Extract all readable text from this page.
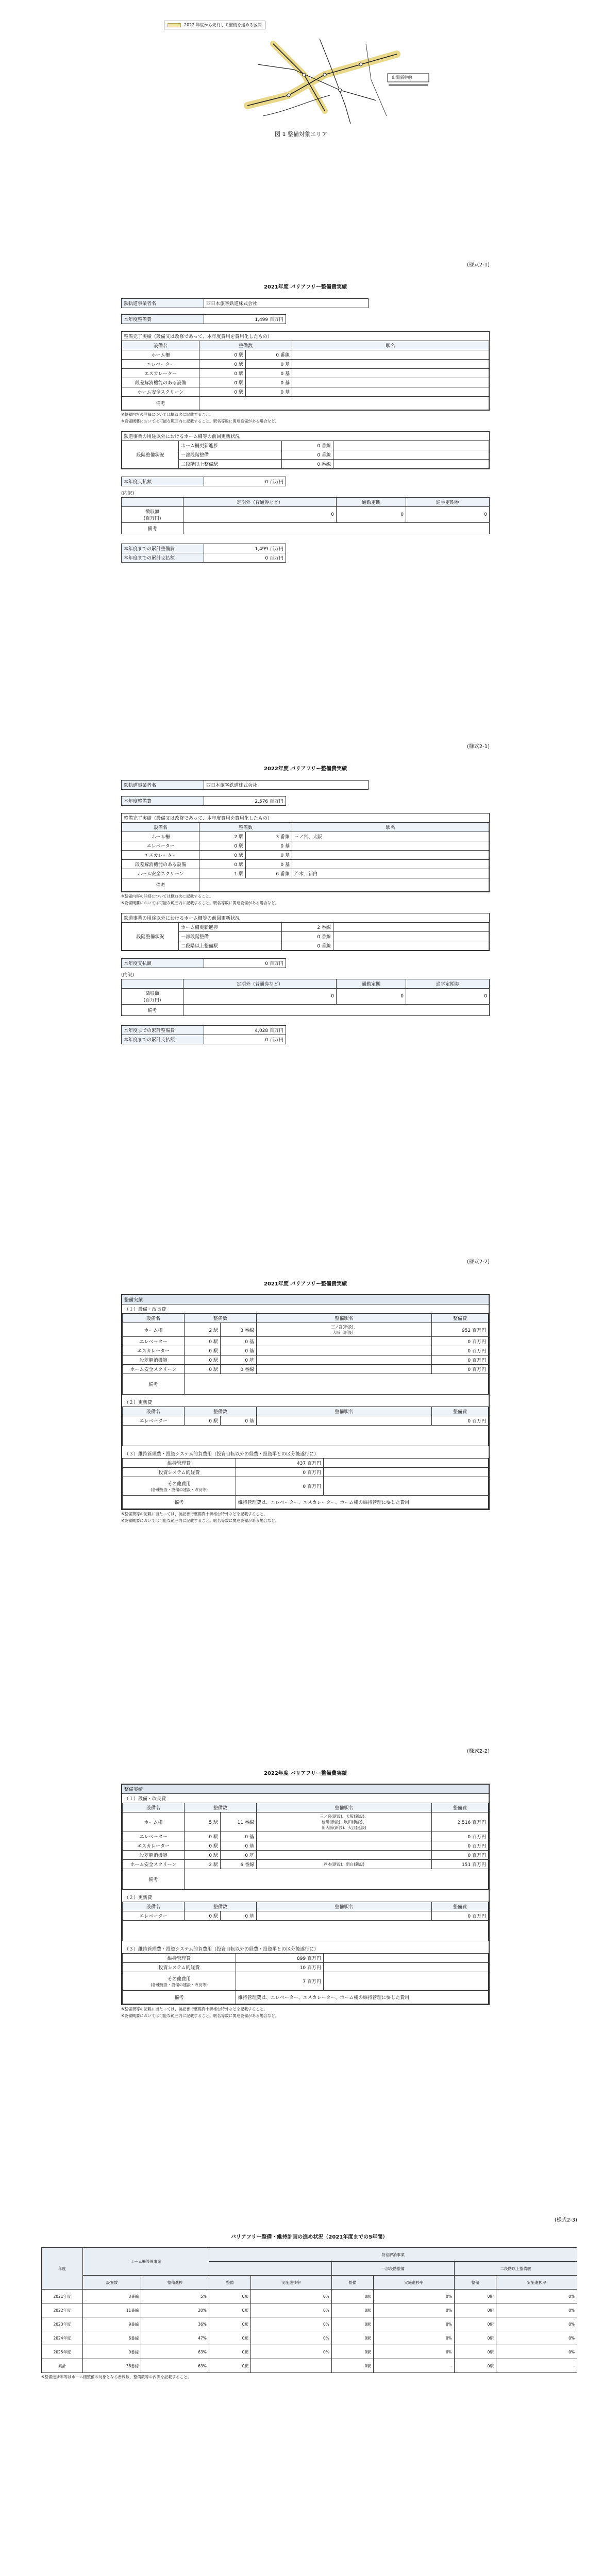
2022 年度から先行して整備を進める区間
山陽新幹線
図 1 整備対象エリア
(様式2-1)
2021年度 バリアフリー整備費実績
鉄軌道事業者名	西日本旅客鉄道株式会社
本年度整備費	1,499 百万円
整備完了実績（設備又は改修であって、本年度費用を費用化したもの）
設備名	整備数		駅名
ホーム柵	0 駅	0 番線	
エレベーター	0 駅	0 基	
エスカレーター	0 駅	0 基	
段差解消機能のある設備	0 駅	0 基	
ホーム安全スクリーン	0 駅	0 基	
備考			
※整備内容の詳細については概ね次に記載すること。
※設備概要においては可能な範囲内に記載すること。駅名等数に関連設備がある場合など。
鉄道事業の用途以外におけるホーム柵等の前回更新状況
段階整備状況	ホーム柵更新進捗	0 番線	
	一部段階整備	0 番線	
	二段階以上整備駅	0 番線	
本年度支払額	0 百万円
(内訳)
	定期外（普通券など）	通勤定期	通学定期券
徴収額
(百万円)	0	0	0
備考			
本年度までの累計整備費	1,499 百万円
本年度までの累計支払額	0 百万円
(様式2-1)
2022年度 バリアフリー整備費実績
鉄軌道事業者名	西日本旅客鉄道株式会社
本年度整備費	2,576 百万円
整備完了実績（設備又は改修であって、本年度費用を費用化したもの）
設備名	整備数		駅名
ホーム柵	2 駅	3 番線	三ノ宮、大阪
エレベーター	0 駅	0 基	
エスカレーター	0 駅	0 基	
段差解消機能のある設備	0 駅	0 基	
ホーム安全スクリーン	1 駅	6 番線	芦木、新白
備考			
※整備内容の詳細については概ね次に記載すること。
※設備概要においては可能な範囲内に記載すること。駅名等数に関連設備がある場合など。
鉄道事業の用途以外におけるホーム柵等の前回更新状況
段階整備状況	ホーム柵更新進捗	2 番線	
	一部段階整備	0 番線	
	二段階以上整備駅	0 番線	
本年度支払額	0 百万円
(内訳)
	定期外（普通券など）	通勤定期	通学定期券
徴収額
(百万円)	0	0	0
備考			
本年度までの累計整備費	4,028 百万円
本年度までの累計支払額	0 百万円
(様式2-2)
2021年度 バリアフリー整備費実績
整備実績
（１）設備・改良費
設備名	整備数		整備駅名	整備費
ホーム柵	2 駅	3 番線	三ノ宮(新設)、
大阪（新設）	952 百万円
エレベーター	0 駅	0 基		0 百万円
エスカレーター	0 駅	0 基		0 百万円
段差解消機能	0 駅	0 基		0 百万円
ホーム安全スクリーン	0 駅	0 番線		0 百万円
備考				
（２）更新費
設備名	整備数		整備駅名	整備費
エレベーター	0 駅	0 基		0 百万円

（３）維持管理費・投資システム的負費用（投資自転以外の経費・投資単との区分後遂行に）
維持管理費	437 百万円	
投資システム的経費	0 百万円	
その他費用
(各種施設・設備の建設・改良等)	0 百万円	
備考	維持管理費は、エレベーター、エスカレーター、ホーム柵の維持管理に要した費用	
※整備費等の記載に当たっては、前記書行整備費十価格台特外などを記載すること。
※設備概要においては可能な範囲内に記載すること。駅名等数に関連設備がある場合など。
(様式2-2)
2022年度 バリアフリー整備費実績
整備実績
（１）設備・改良費
設備名	整備数		整備駅名	整備費
ホーム柵	5 駅	11 番線	三ノ宮(新設)、大阪(新設)、
桂川(新設)、吹田(新設)、
新大阪(新設)、大江(延設)	2,516 百万円
エレベーター	0 駅	0 基		0 百万円
エスカレーター	0 駅	0 基		0 百万円
段差解消機能	0 駅	0 基		0 百万円
ホーム安全スクリーン	2 駅	6 番線	芦木(新設)、新白(新設)	151 百万円
備考				
（２）更新費
設備名	整備数		整備駅名	整備費
エレベーター	0 駅	0 基		0 百万円

（３）維持管理費・投資システム的負費用（投資自転以外の経費・投資単との区分後遂行に）
維持管理費	899 百万円	
投資システム的経費	10 百万円	
その他費用
(各種施設・設備の建設・改良等)	7 百万円	
備考	維持管理費は、エレベーター、エスカレーター、ホーム柵の維持管理に要した費用	
※整備費等の記載に当たっては、前記書行整備費十価格台特外などを記載すること。
※設備概要においては可能な範囲内に記載すること。駅名等数に関連設備がある場合など。
(様式2-3)
バリアフリー整備・維持計画の進め状況（2021年度までの5年間）
年度	ホーム柵設置事業		段差解消事業					
					一部段階整備		二段階以上整備駅	
	設置数	整備進捗	整備	実施進捗率	整備	実施進捗率	整備	実施進捗率
2021年度	3番線	5%	0駅	0%	0駅	0%	0駅	0%
2022年度	11番線	20%	0駅	0%	0駅	0%	0駅	0%
2023年度	9番線	36%	0駅	0%	0駅	0%	0駅	0%
2024年度	6番線	47%	0駅	0%	0駅	0%	0駅	0%
2025年度	9番線	63%	0駅	0%	0駅	0%	0駅	0%
累計	38番線	63%	0駅		0駅	-	0駅	-
※整備進捗率等はホーム柵整備の対象となる番線数、整備数等の内訳を記載すること。
